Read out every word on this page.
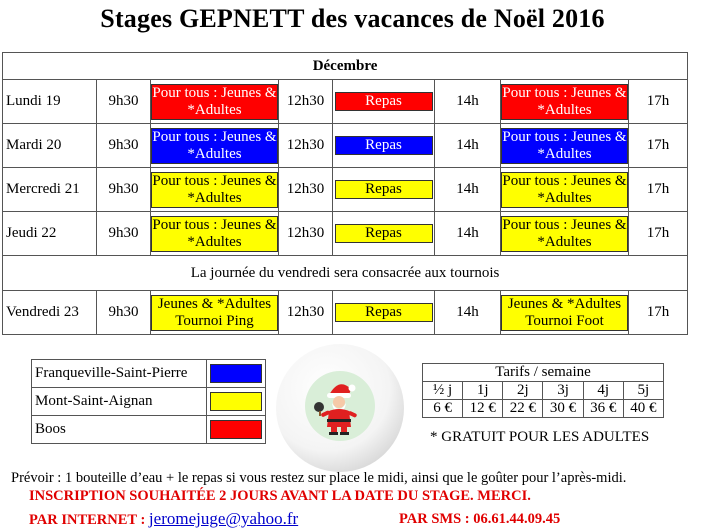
Stages GEPNETT des vacances de Noël 2016
Décembre							
Lundi 19	9h30	Pour tous : Jeunes & *Adultes	12h30	Repas	14h	Pour tous : Jeunes & *Adultes	17h
Mardi 20	9h30	Pour tous : Jeunes & *Adultes	12h30	Repas	14h	Pour tous : Jeunes & *Adultes	17h
Mercredi 21	9h30	Pour tous : Jeunes & *Adultes	12h30	Repas	14h	Pour tous : Jeunes & *Adultes	17h
Jeudi 22	9h30	Pour tous : Jeunes & *Adultes	12h30	Repas	14h	Pour tous : Jeunes & *Adultes	17h
La journée du vendredi sera consacrée aux tournois							
Vendredi 23	9h30	Jeunes & *Adultes Tournoi Ping	12h30	Repas	14h	Jeunes & *Adultes Tournoi Foot	17h
Franqueville-Saint-Pierre	

Mont-Saint-Aignan	

Boos	
Tarifs / semaine					
½ j	1j	2j	3j	4j	5j
6 €	12 €	22 €	30 €	36 €	40 €
* GRATUIT POUR LES ADULTES
Prévoir : 1 bouteille d’eau + le repas si vous restez sur place le midi, ainsi que le goûter pour l’après-midi.
INSCRIPTION SOUHAITÉE 2 JOURS AVANT LA DATE DU STAGE. MERCI.
PAR INTERNET : jeromejuge@yahoo.fr	PAR SMS : 06.61.44.09.45
